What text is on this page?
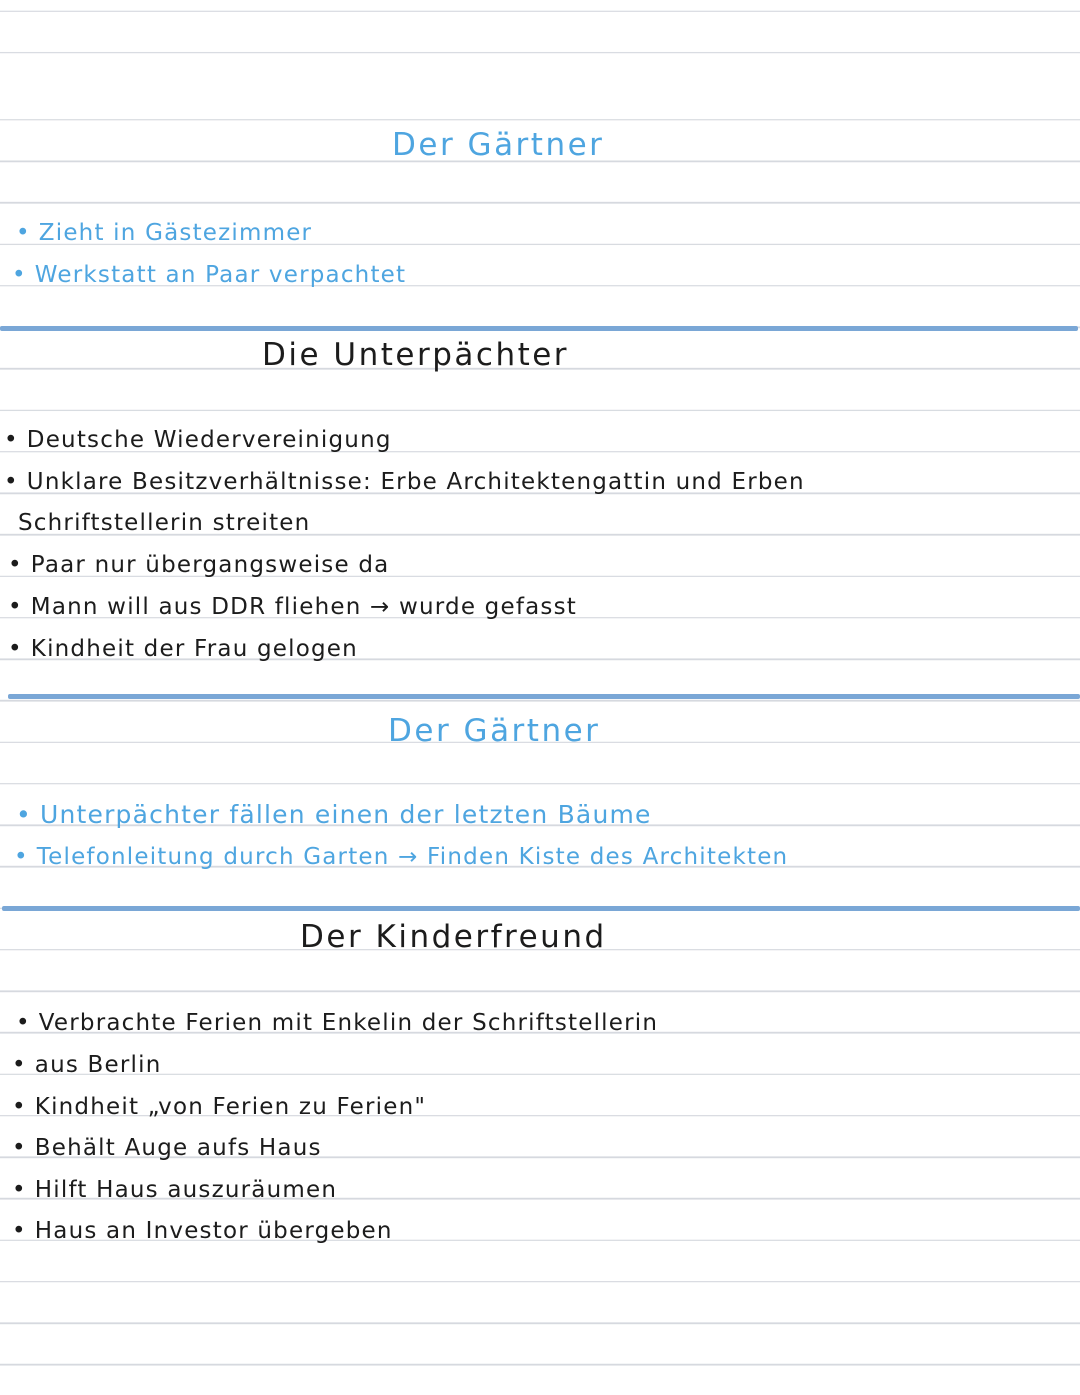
Der Gärtner
• Zieht in Gästezimmer
• Werkstatt an Paar verpachtet
Die Unterpächter
• Deutsche Wiedervereinigung
• Unklare Besitzverhältnisse: Erbe Architektengattin und Erben
Schriftstellerin streiten
• Paar nur übergangsweise da
• Mann will aus DDR fliehen → wurde gefasst
• Kindheit der Frau gelogen
Der Gärtner
• Unterpächter fällen einen der letzten Bäume
• Telefonleitung durch Garten → Finden Kiste des Architekten
Der Kinderfreund
• Verbrachte Ferien mit Enkelin der Schriftstellerin
• aus Berlin
• Kindheit „von Ferien zu Ferien"
• Behält Auge aufs Haus
• Hilft Haus auszuräumen
• Haus an Investor übergeben
